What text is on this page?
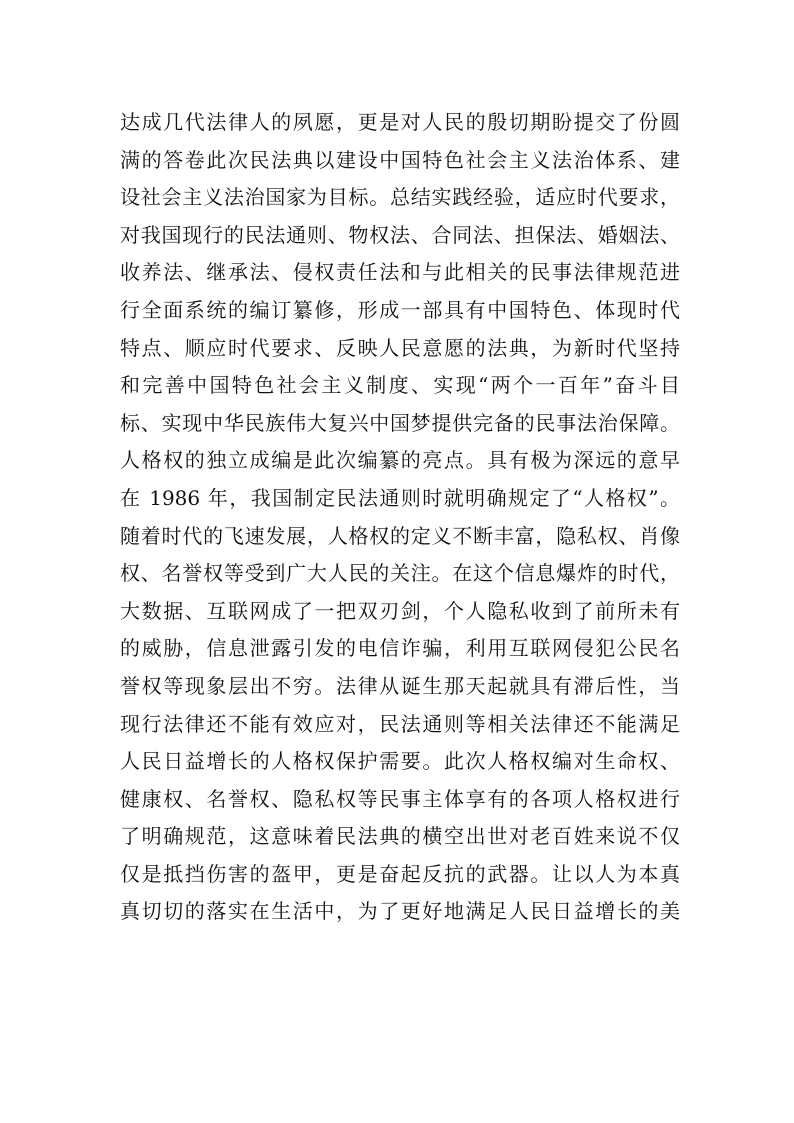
达成几代法律人的夙愿，更是对人民的殷切期盼提交了份圆
满的答卷此次民法典以建设中国特色社会主义法治体系、建
设社会主义法治国家为目标。总结实践经验，适应时代要求，
对我国现行的民法通则、物权法、合同法、担保法、婚姻法、
收养法、继承法、侵权责任法和与此相关的民事法律规范进
行全面系统的编订纂修，形成一部具有中国特色、体现时代
特点、顺应时代要求、反映人民意愿的法典，为新时代坚持
和完善中国特色社会主义制度、实现“两个一百年”奋斗目
标、实现中华民族伟大复兴中国梦提供完备的民事法治保障。
人格权的独立成编是此次编纂的亮点。具有极为深远的意早
在 1986 年，我国制定民法通则时就明确规定了“人格权”。
随着时代的飞速发展，人格权的定义不断丰富，隐私权、肖像
权、名誉权等受到广大人民的关注。在这个信息爆炸的时代，
大数据、互联网成了一把双刃剑，个人隐私收到了前所未有
的威胁，信息泄露引发的电信诈骗，利用互联网侵犯公民名
誉权等现象层出不穷。法律从诞生那天起就具有滞后性，当
现行法律还不能有效应对，民法通则等相关法律还不能满足
人民日益增长的人格权保护需要。此次人格权编对生命权、
健康权、名誉权、隐私权等民事主体享有的各项人格权进行
了明确规范，这意味着民法典的横空出世对老百姓来说不仅
仅是抵挡伤害的盔甲，更是奋起反抗的武器。让以人为本真
真切切的落实在生活中，为了更好地满足人民日益增长的美
